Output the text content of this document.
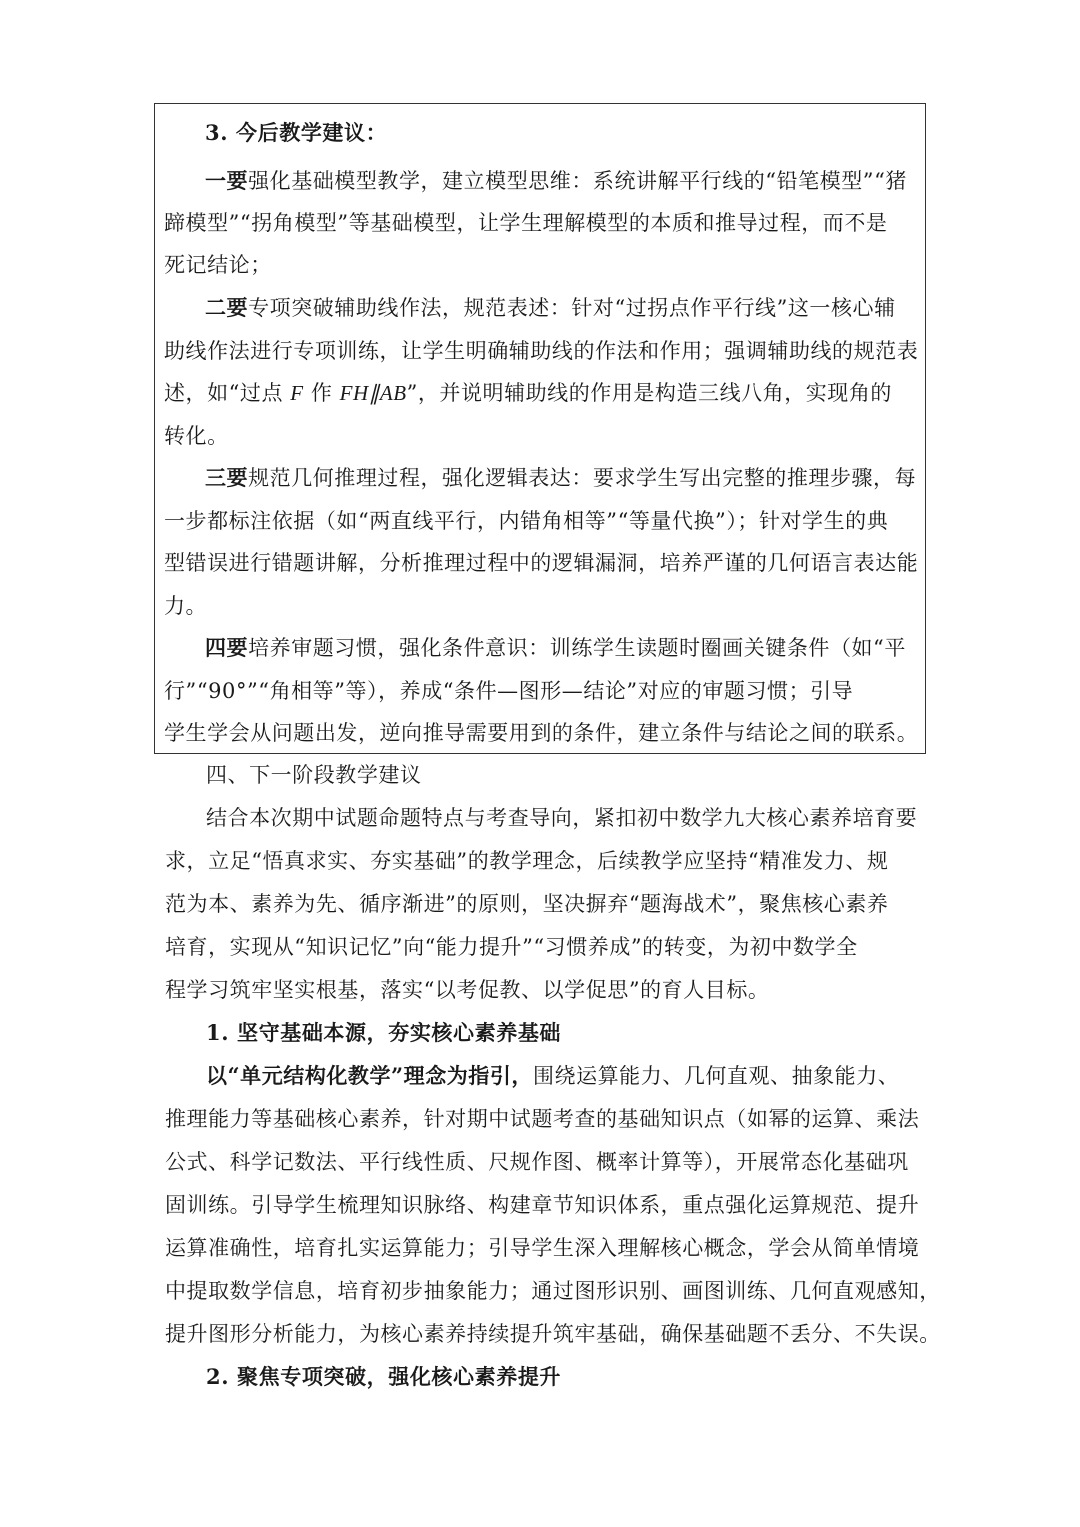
3. 今后教学建议：

一要强化基础模型教学，建立模型思维：系统讲解平行线的“铅笔模型”“猪

蹄模型”“拐角模型”等基础模型，让学生理解模型的本质和推导过程，而不是

死记结论；

二要专项突破辅助线作法，规范表述：针对“过拐点作平行线”这一核心辅

助线作法进行专项训练，让学生明确辅助线的作法和作用；强调辅助线的规范表

述，如“过点 F 作 FH∥AB”，并说明辅助线的作用是构造三线八角，实现角的

转化。

三要规范几何推理过程，强化逻辑表达：要求学生写出完整的推理步骤，每

一步都标注依据（如“两直线平行，内错角相等”“等量代换”）；针对学生的典

型错误进行错题讲解，分析推理过程中的逻辑漏洞，培养严谨的几何语言表达能

力。

四要培养审题习惯，强化条件意识：训练学生读题时圈画关键条件（如“平

行”“90°”“角相等”等），养成“条件—图形—结论”对应的审题习惯；引导

学生学会从问题出发，逆向推导需要用到的条件，建立条件与结论之间的联系。

四、下一阶段教学建议

结合本次期中试题命题特点与考查导向，紧扣初中数学九大核心素养培育要

求，立足“悟真求实、夯实基础”的教学理念，后续教学应坚持“精准发力、规

范为本、素养为先、循序渐进”的原则，坚决摒弃“题海战术”，聚焦核心素养

培育，实现从“知识记忆”向“能力提升”“习惯养成”的转变，为初中数学全

程学习筑牢坚实根基，落实“以考促教、以学促思”的育人目标。

1. 坚守基础本源，夯实核心素养基础

以“单元结构化教学”理念为指引，围绕运算能力、几何直观、抽象能力、

推理能力等基础核心素养，针对期中试题考查的基础知识点（如幂的运算、乘法

公式、科学记数法、平行线性质、尺规作图、概率计算等），开展常态化基础巩

固训练。引导学生梳理知识脉络、构建章节知识体系，重点强化运算规范、提升

运算准确性，培育扎实运算能力；引导学生深入理解核心概念，学会从简单情境

中提取数学信息，培育初步抽象能力；通过图形识别、画图训练、几何直观感知，

提升图形分析能力，为核心素养持续提升筑牢基础，确保基础题不丢分、不失误。

2. 聚焦专项突破，强化核心素养提升
